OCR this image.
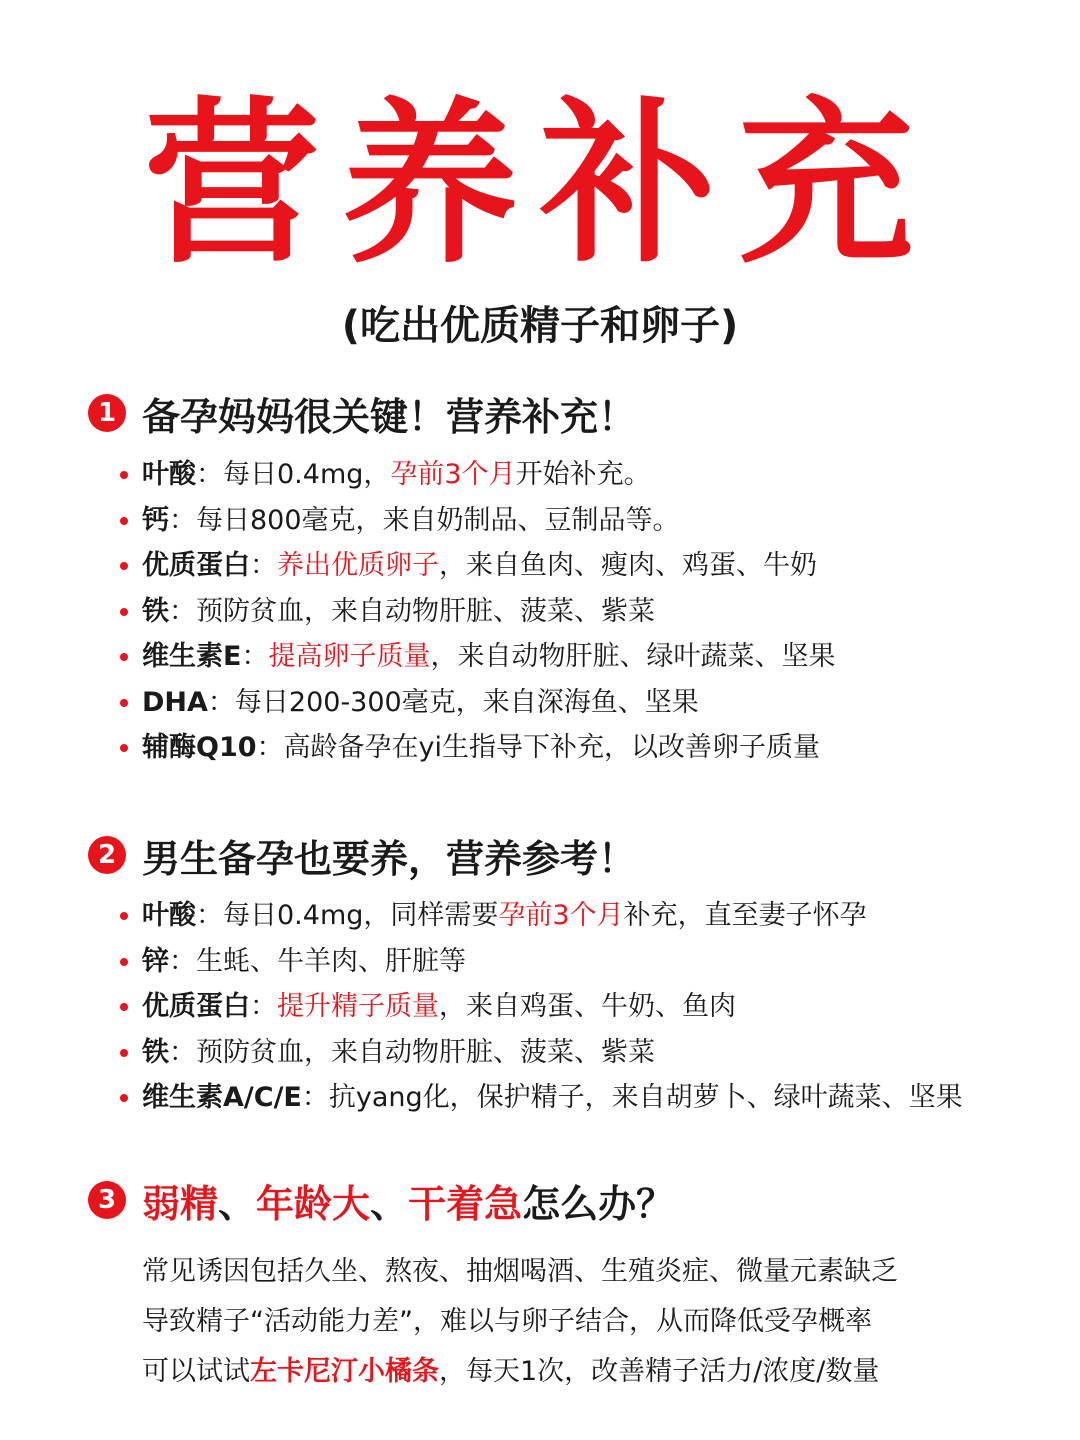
营养补充
(吃出优质精子和卵子)
1 备孕妈妈很关键！营养补充！
叶酸：每日0.4mg，孕前3个月开始补充。
钙：每日800毫克，来自奶制品、豆制品等。
优质蛋白：养出优质卵子，来自鱼肉、瘦肉、鸡蛋、牛奶
铁：预防贫血，来自动物肝脏、菠菜、紫菜
维生素E：提高卵子质量，来自动物肝脏、绿叶蔬菜、坚果
DHA：每日200-300毫克，来自深海鱼、坚果
辅酶Q10：高龄备孕在yi生指导下补充，以改善卵子质量
2 男生备孕也要养，营养参考！
叶酸：每日0.4mg，同样需要孕前3个月补充，直至妻子怀孕
锌：生蚝、牛羊肉、肝脏等
优质蛋白：提升精子质量，来自鸡蛋、牛奶、鱼肉
铁：预防贫血，来自动物肝脏、菠菜、紫菜
维生素A/C/E：抗yang化，保护精子，来自胡萝卜、绿叶蔬菜、坚果
3 弱精、年龄大、干着急怎么办？
常见诱因包括久坐、熬夜、抽烟喝酒、生殖炎症、微量元素缺乏
导致精子“活动能力差”，难以与卵子结合，从而降低受孕概率
可以试试左卡尼汀小橘条，每天1次，改善精子活力/浓度/数量
